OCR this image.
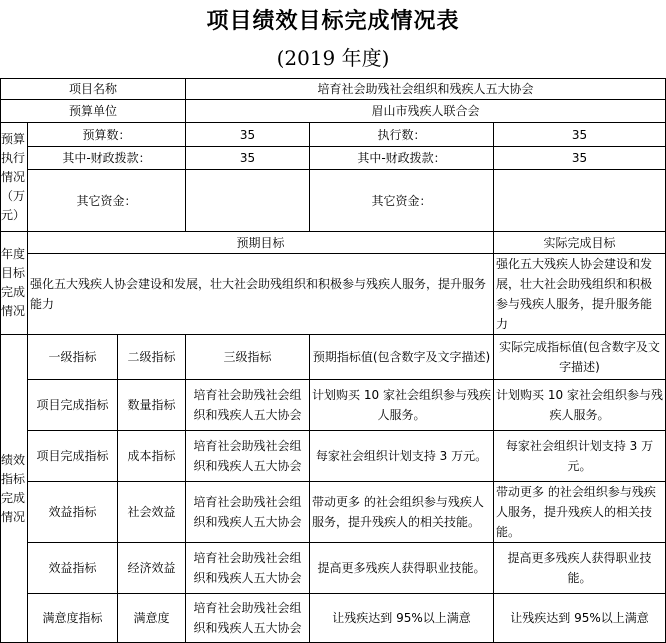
项目绩效目标完成情况表
(2019 年度)
项目名称			培育社会助残社会组织和残疾人五大协会		
预算单位			眉山市残疾人联合会		
预算执行情况（万元）	预算数：		35	执行数：	35
	其中-财政拨款：		35	其中-财政拨款：	35
	其它资金：			其它资金：	
年度目标完成情况	预期目标				实际完成目标
	强化五大残疾人协会建设和发展，壮大社会助残组织和积极参与残疾人服务，提升服务能力				强化五大残疾人协会建设和发展，壮大社会助残组织和积极参与残疾人服务，提升服务能力
绩效指标完成情况	一级指标	二级指标	三级指标	预期指标值(包含数字及文字描述)	实际完成指标值(包含数字及文字描述)
	项目完成指标	数量指标	培育社会助残社会组织和残疾人五大协会	计划购买 10 家社会组织参与残疾人服务。	计划购买 10 家社会组织参与残疾人服务。
	项目完成指标	成本指标	培育社会助残社会组织和残疾人五大协会	每家社会组织计划支持 3 万元。	每家社会组织计划支持 3 万元。
	效益指标	社会效益	培育社会助残社会组织和残疾人五大协会	带动更多 的社会组织参与残疾人服务，提升残疾人的相关技能。	带动更多 的社会组织参与残疾人服务，提升残疾人的相关技能。
	效益指标	经济效益	培育社会助残社会组织和残疾人五大协会	提高更多残疾人获得职业技能。	提高更多残疾人获得职业技能。
	满意度指标	满意度	培育社会助残社会组织和残疾人五大协会	让残疾达到 95%以上满意	让残疾达到 95%以上满意
